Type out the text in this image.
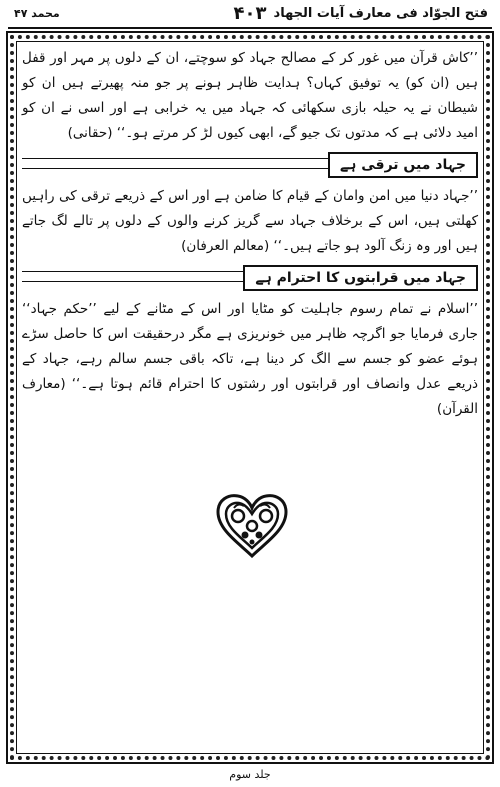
فتح الجوّاد فی معارف آیات الجهاد
۴۰۳
محمد ۴۷

’’کاش قرآن میں غور کر کے مصالح جہاد کو سوچتے، ان کے دلوں پر مہر اور قفل ہیں (ان کو) یہ توفیق کہاں؟ ہدایت ظاہر ہونے پر جو منہ پھیرتے ہیں ان کو شیطان نے یہ حیلہ بازی سکھائی کہ جہاد میں یہ خرابی ہے اور اسی نے ان کو امید دلائی ہے کہ مدتوں تک جیو گے، ابھی کیوں لڑ کر مرتے ہو۔‘‘ (حقانی)

جہاد میں ترقی ہے

’’جہاد دنیا میں امن وامان کے قیام کا ضامن ہے اور اس کے ذریعے ترقی کی راہیں کھلتی ہیں، اس کے برخلاف جہاد سے گریز کرنے والوں کے دلوں پر تالے لگ جاتے ہیں اور وہ زنگ آلود ہو جاتے ہیں۔‘‘ (معالم العرفان)

جہاد میں قرابتوں کا احترام ہے

’’اسلام نے تمام رسوم جاہلیت کو مٹایا اور اس کے مٹانے کے لیے ’’حکم جہاد‘‘ جاری فرمایا جو اگرچہ ظاہر میں خونریزی ہے مگر درحقیقت اس کا حاصل سڑے ہوئے عضو کو جسم سے الگ کر دینا ہے، تاکہ باقی جسم سالم رہے، جہاد کے ذریعے عدل وانصاف اور قرابتوں اور رشتوں کا احترام قائم ہوتا ہے۔‘‘ (معارف القرآن)

جلد سوم
